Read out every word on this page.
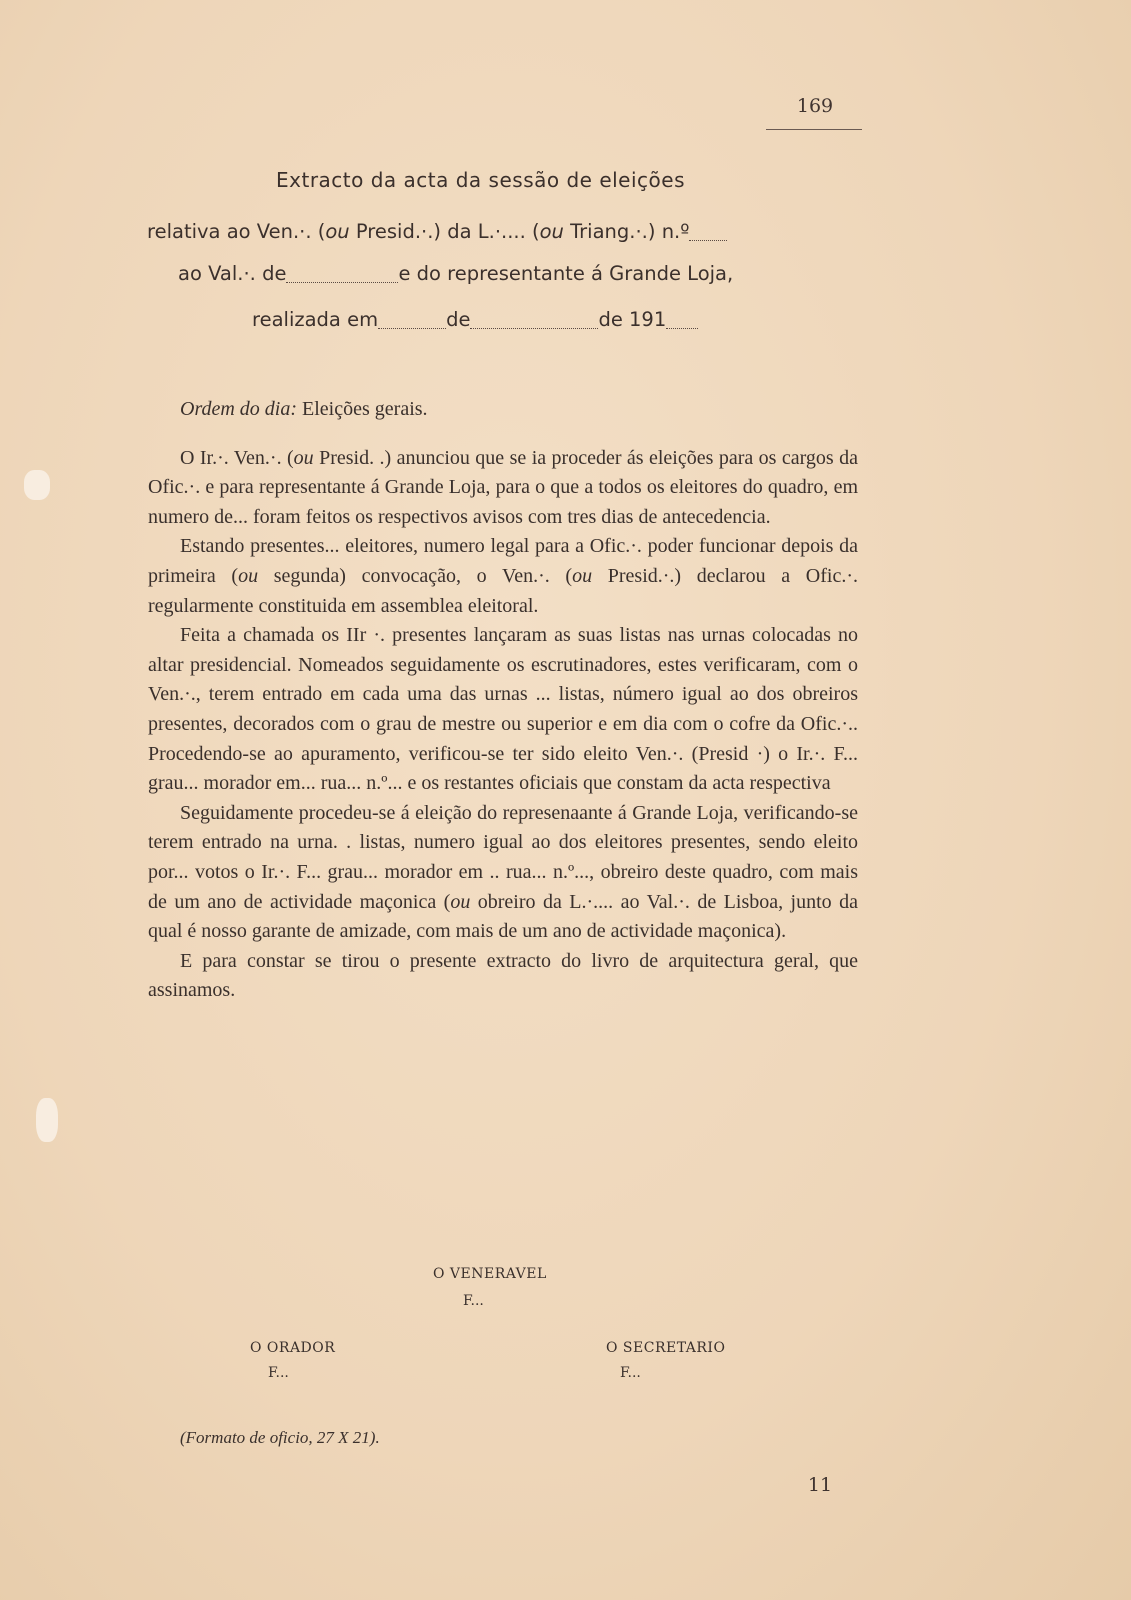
169
Extracto da acta da sessão de eleições
relativa ao Ven.·. (ou Presid.·.) da L.·.... (ou Triang.·.) n.º
ao Val.·. de	e do representante á Grande Loja,
realizada em	de	de 191

Ordem do dia: Eleições gerais.

O Ir.·. Ven.·. (ou Presid. .) anunciou que se ia proceder ás eleições para os cargos da Ofic.·. e para representante á Grande Loja, para o que a todos os eleitores do quadro, em numero de... foram feitos os respectivos avisos com tres dias de antecedencia.

Estando presentes... eleitores, numero legal para a Ofic.·. poder funcionar depois da primeira (ou segunda) convocação, o Ven.·. (ou Presid.·.) declarou a Ofic.·. regularmente constituida em assemblea eleitoral.

Feita a chamada os IIr ·. presentes lançaram as suas listas nas urnas colocadas no altar presidencial. Nomeados seguidamente os escrutinadores, estes verificaram, com o Ven.·., terem entrado em cada uma das urnas ... listas, número igual ao dos obreiros presentes, decorados com o grau de mestre ou superior e em dia com o cofre da Ofic.·.. Procedendo-se ao apuramento, verificou-se ter sido eleito Ven.·. (Presid ·) o Ir.·. F... grau... morador em... rua... n.º... e os restantes oficiais que constam da acta respectiva

Seguidamente procedeu-se á eleição do represenaante á Grande Loja, verificando-se terem entrado na urna. . listas, numero igual ao dos eleitores presentes, sendo eleito por... votos o Ir.·. F... grau... morador em .. rua... n.º..., obreiro deste quadro, com mais de um ano de actividade maçonica (ou obreiro da L.·.... ao Val.·. de Lisboa, junto da qual é nosso garante de amizade, com mais de um ano de actividade maçonica).

E para constar se tirou o presente extracto do livro de arquitectura geral, que assinamos.

O VENERAVEL
F...
O ORADOR
F...
O SECRETARIO
F...
(Formato de oficio, 27 X 21).
11
